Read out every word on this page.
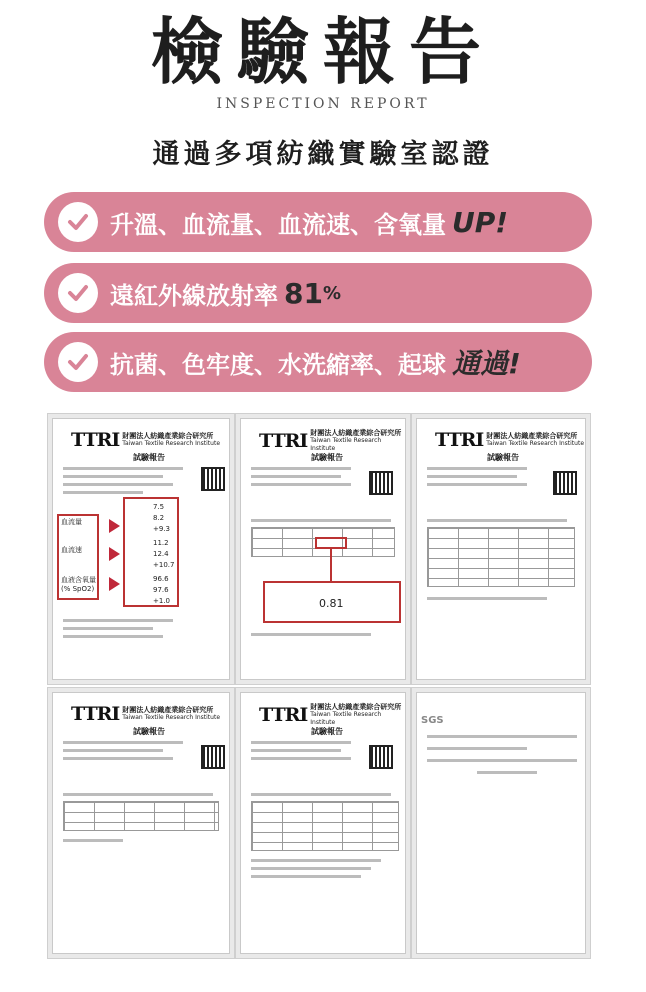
檢驗報告
INSPECTION REPORT
通過多項紡織實驗室認證
升溫、血流量、血流速、含氧量 UP!
遠紅外線放射率 81 %
抗菌、色牢度、水洗縮率、起球 通過!
TTRI 財團法人紡織產業綜合研究所
Taiwan Textile Research Institute
試驗報告
血流量
血流速
血液含氧量 (% SpO2)
7.5
8.2
+9.3
11.2
12.4
+10.7
96.6
97.6
+1.0
TTRI 財團法人紡織產業綜合研究所
Taiwan Textile Research Institute
試驗報告
0.81
TTRI 財團法人紡織產業綜合研究所
Taiwan Textile Research Institute
試驗報告
TTRI 財團法人紡織產業綜合研究所
Taiwan Textile Research Institute
試驗報告
TTRI 財團法人紡織產業綜合研究所
Taiwan Textile Research Institute
試驗報告
SGS
